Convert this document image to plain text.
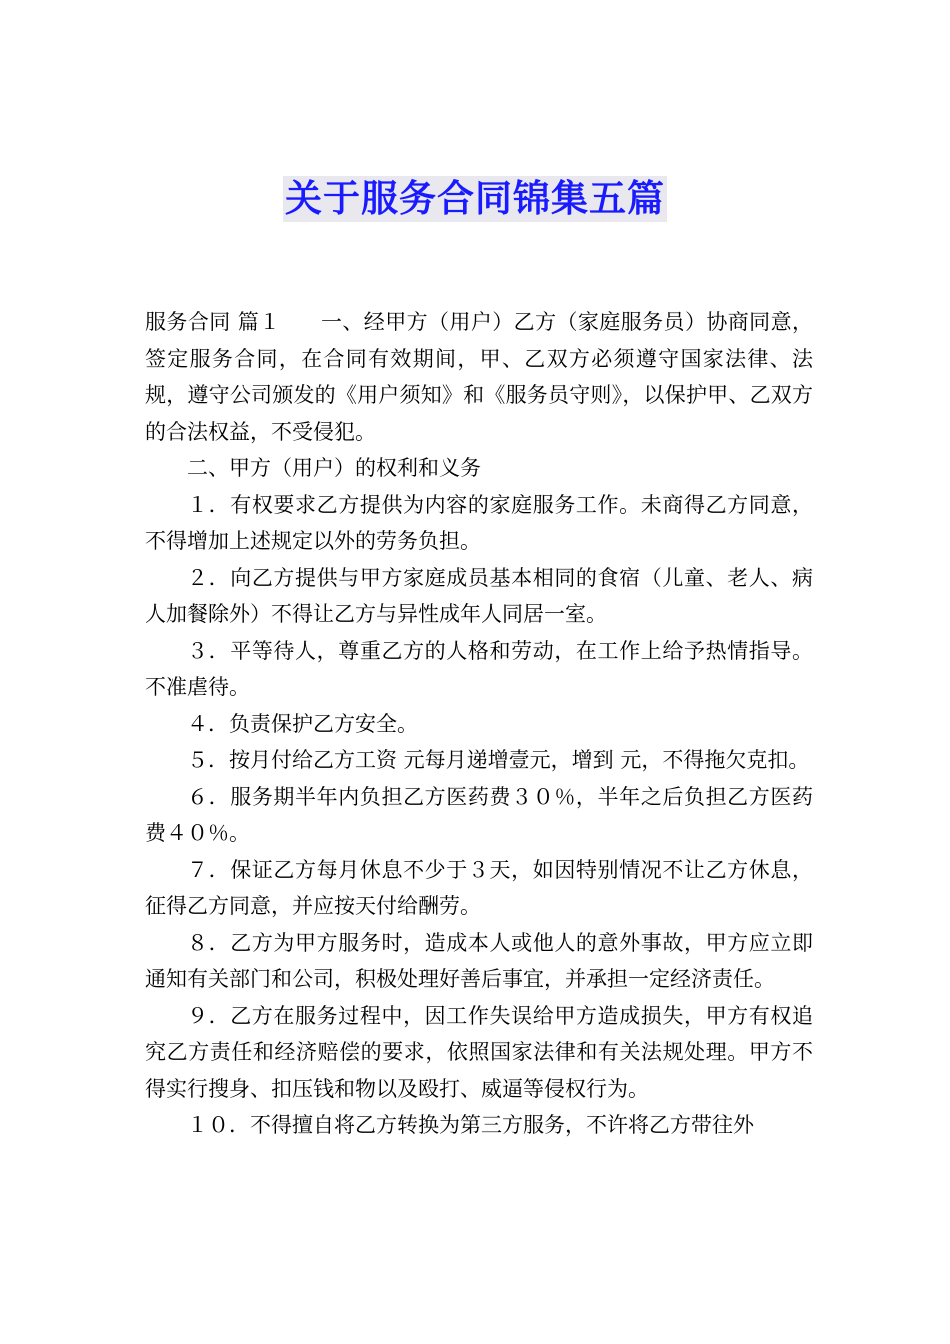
关于服务合同锦集五篇

服务合同 篇１ 一、经甲方（用户）乙方（家庭服务员）协商同意，签定服务合同，在合同有效期间，甲、乙双方必须遵守国家法律、法规，遵守公司颁发的《用户须知》和《服务员守则》，以保护甲、乙双方的合法权益，不受侵犯。

二、甲方（用户）的权利和义务

１．有权要求乙方提供为内容的家庭服务工作。未商得乙方同意，不得增加上述规定以外的劳务负担。

２．向乙方提供与甲方家庭成员基本相同的食宿（儿童、老人、病人加餐除外）不得让乙方与异性成年人同居一室。

３．平等待人，尊重乙方的人格和劳动，在工作上给予热情指导。不准虐待。

４．负责保护乙方安全。

５．按月付给乙方工资 元每月递增壹元，增到 元，不得拖欠克扣。

６．服务期半年内负担乙方医药费３０％，半年之后负担乙方医药费４０％。

７．保证乙方每月休息不少于３天，如因特别情况不让乙方休息，征得乙方同意，并应按天付给酬劳。

８．乙方为甲方服务时，造成本人或他人的意外事故，甲方应立即通知有关部门和公司，积极处理好善后事宜，并承担一定经济责任。

９．乙方在服务过程中，因工作失误给甲方造成损失，甲方有权追究乙方责任和经济赔偿的要求，依照国家法律和有关法规处理。甲方不得实行搜身、扣压钱和物以及殴打、威逼等侵权行为。

１０．不得擅自将乙方转换为第三方服务，不许将乙方带往外
